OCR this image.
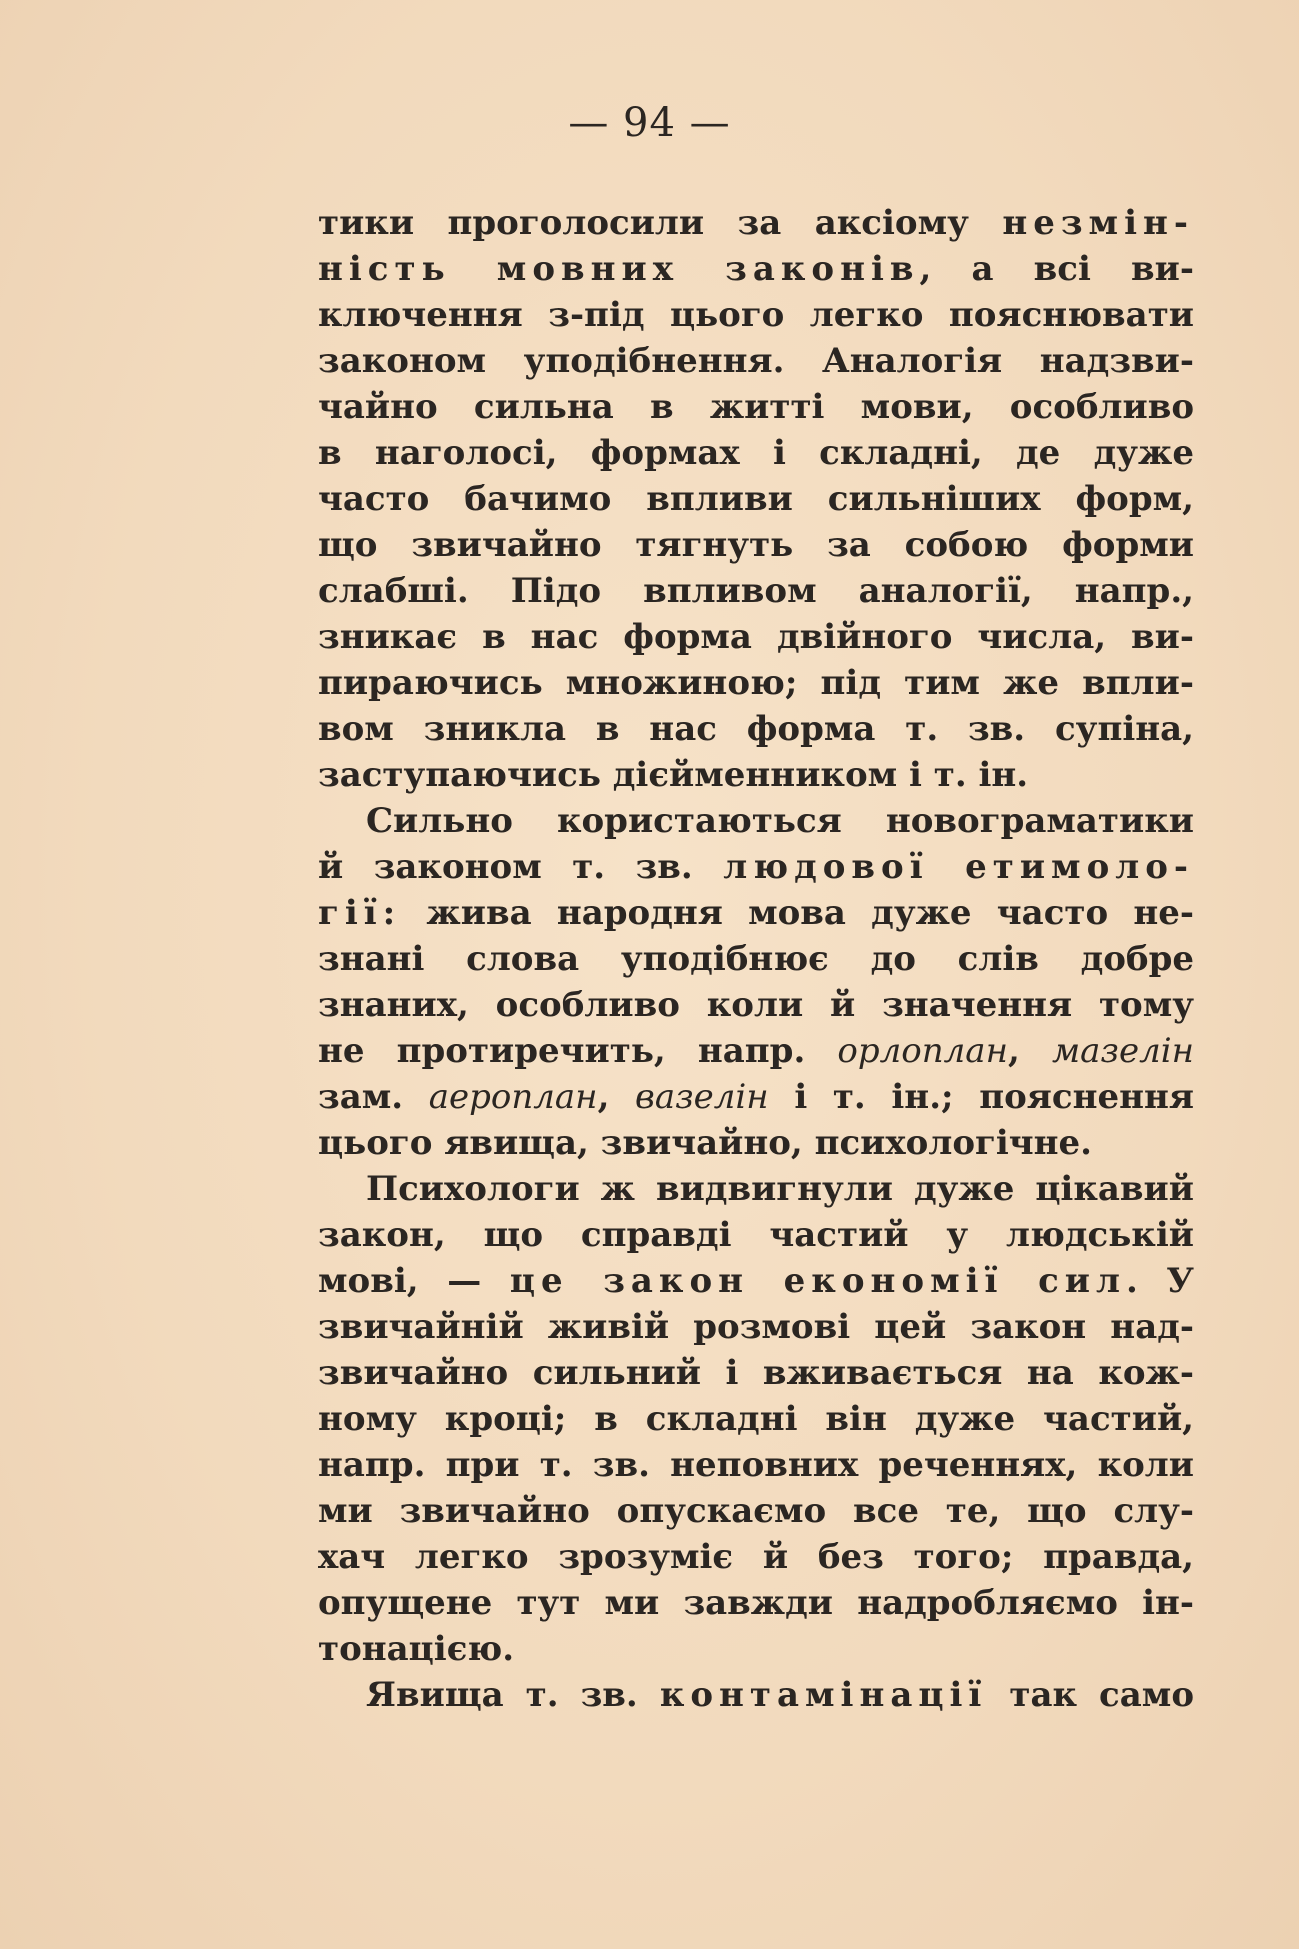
— 94 —
тики проголосили за аксіому незмін-
ність мовних законів, а всі ви-
ключення з-під цього легко пояснювати
законом уподібнення. Аналогія надзви-
чайно сильна в житті мови, особливо
в наголосі, формах і складні, де дуже
часто бачимо впливи сильніших форм,
що звичайно тягнуть за собою форми
слабші. Підо впливом аналогії, напр.,
зникає в нас форма двійного числа, ви-
пираючись множиною; під тим же впли-
вом зникла в нас форма т. зв. супіна,
заступаючись дієйменником і т. ін.
Сильно користаються новограматики
й законом т. зв. людової етимоло-
гії: жива народня мова дуже часто не-
знані слова уподібнює до слів добре
знаних, особливо коли й значення тому
не протиречить, напр. орлоплан, мазелін
зам. аероплан, вазелін і т. ін.; пояснення
цього явища, звичайно, психологічне.
Психологи ж видвигнули дуже цікавий
закон, що справді частий у людській
мові, — це закон економії сил. У
звичайній живій розмові цей закон над-
звичайно сильний і вживається на кож-
ному кроці; в складні він дуже частий,
напр. при т. зв. неповних реченнях, коли
ми звичайно опускаємо все те, що слу-
хач легко зрозуміє й без того; правда,
опущене тут ми завжди надробляємо ін-
тонацією.
Явища т. зв. контамінації так само
